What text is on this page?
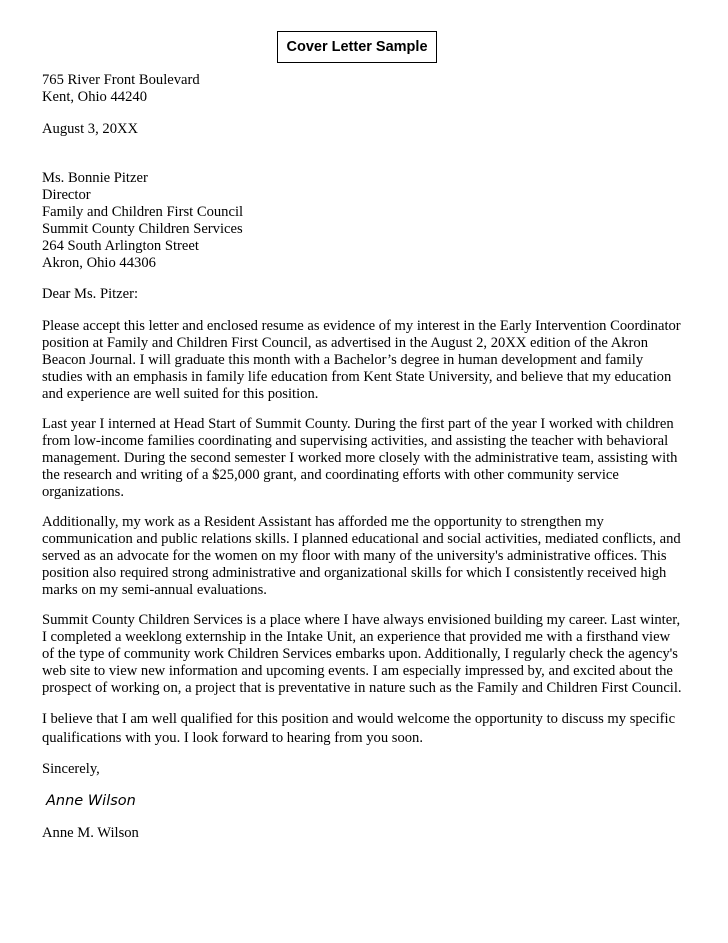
Cover Letter Sample
765 River Front Boulevard
Kent, Ohio 44240
August 3, 20XX
Ms. Bonnie Pitzer
Director
Family and Children First Council
Summit County Children Services
264 South Arlington Street
Akron, Ohio 44306
Dear Ms. Pitzer:

Please accept this letter and enclosed resume as evidence of my interest in the Early Intervention Coordinator position at Family and Children First Council, as advertised in the August 2, 20XX edition of the Akron Beacon Journal. I will graduate this month with a Bachelor’s degree in human development and family studies with an emphasis in family life education from Kent State University, and believe that my education and experience are well suited for this position.

Last year I interned at Head Start of Summit County. During the first part of the year I worked with children from low-income families coordinating and supervising activities, and assisting the teacher with behavioral management. During the second semester I worked more closely with the administrative team, assisting with the research and writing of a $25,000 grant, and coordinating efforts with other community service organizations.

Additionally, my work as a Resident Assistant has afforded me the opportunity to strengthen my communication and public relations skills. I planned educational and social activities, mediated conflicts, and served as an advocate for the women on my floor with many of the university's administrative offices. This position also required strong administrative and organizational skills for which I consistently received high marks on my semi-annual evaluations.

Summit County Children Services is a place where I have always envisioned building my career. Last winter, I completed a weeklong externship in the Intake Unit, an experience that provided me with a firsthand view of the type of community work Children Services embarks upon. Additionally, I regularly check the agency's web site to view new information and upcoming events. I am especially impressed by, and excited about the prospect of working on, a project that is preventative in nature such as the Family and Children First Council.

I believe that I am well qualified for this position and would welcome the opportunity to discuss my specific qualifications with you. I look forward to hearing from you soon.

Sincerely,
Anne Wilson
Anne M. Wilson
